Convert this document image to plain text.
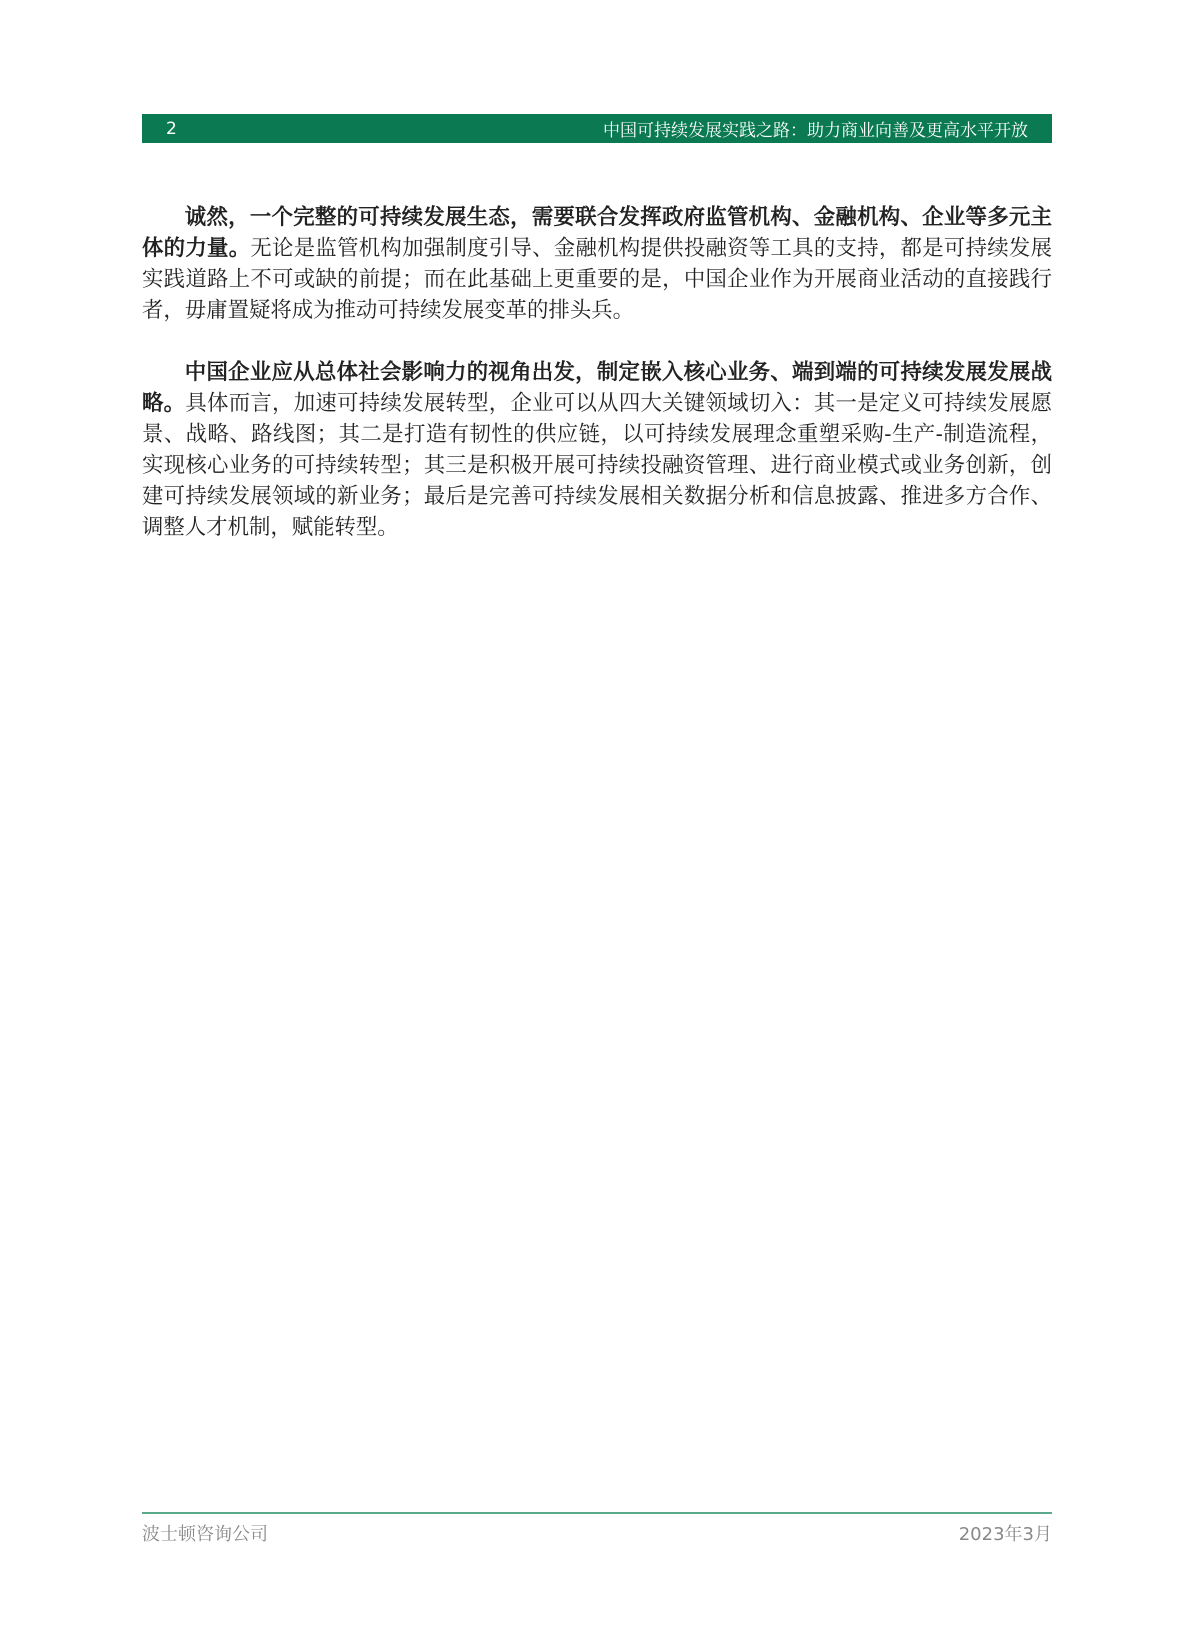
2	中国可持续发展实践之路：助力商业向善及更高水平开放

诚然，一个完整的可持续发展生态，需要联合发挥政府监管机构、金融机构、企业等多元主体的力量。无论是监管机构加强制度引导、金融机构提供投融资等工具的支持，都是可持续发展实践道路上不可或缺的前提；而在此基础上更重要的是，中国企业作为开展商业活动的直接践行者，毋庸置疑将成为推动可持续发展变革的排头兵。

中国企业应从总体社会影响力的视角出发，制定嵌入核心业务、端到端的可持续发展发展战略。具体而言，加速可持续发展转型，企业可以从四大关键领域切入：其一是定义可持续发展愿景、战略、路线图；其二是打造有韧性的供应链，以可持续发展理念重塑采购-生产-制造流程，实现核心业务的可持续转型；其三是积极开展可持续投融资管理、进行商业模式或业务创新，创建可持续发展领域的新业务；最后是完善可持续发展相关数据分析和信息披露、推进多方合作、调整人才机制，赋能转型。

波士顿咨询公司	2023年3月
